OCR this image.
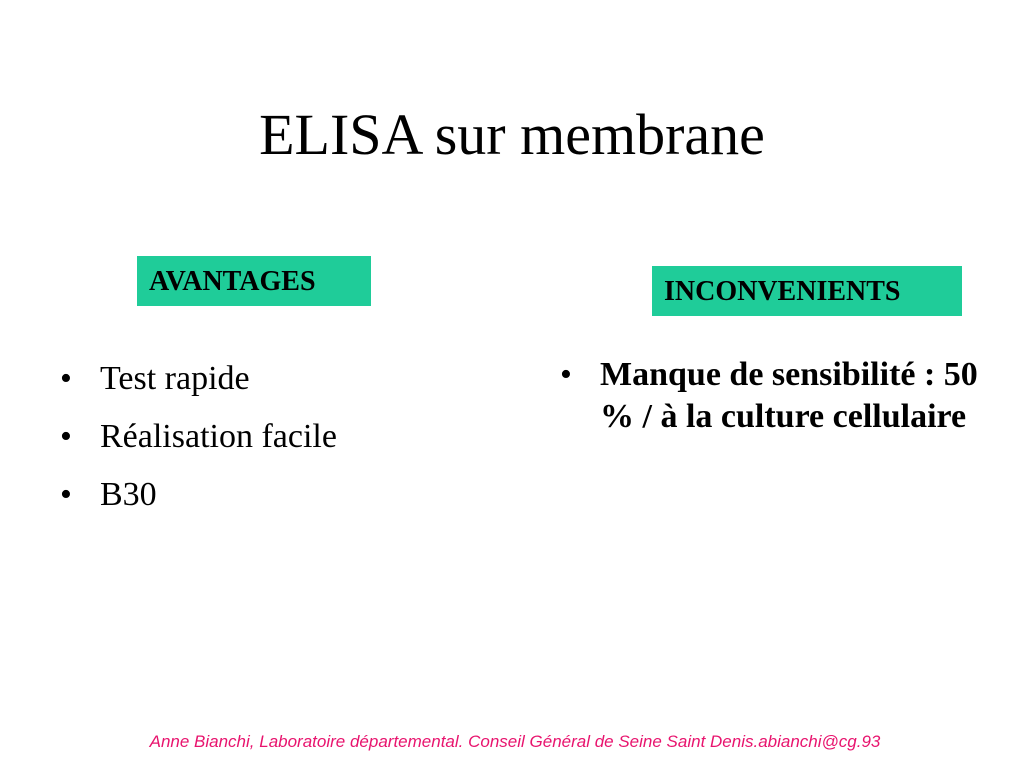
ELISA sur membrane
AVANTAGES	INCONVENIENTS
• Test rapide
• Réalisation facile
• B30
• Manque de sensibilité : 50 % / à la culture cellulaire
Anne Bianchi, Laboratoire départemental. Conseil Général de Seine Saint Denis.abianchi@cg.93
